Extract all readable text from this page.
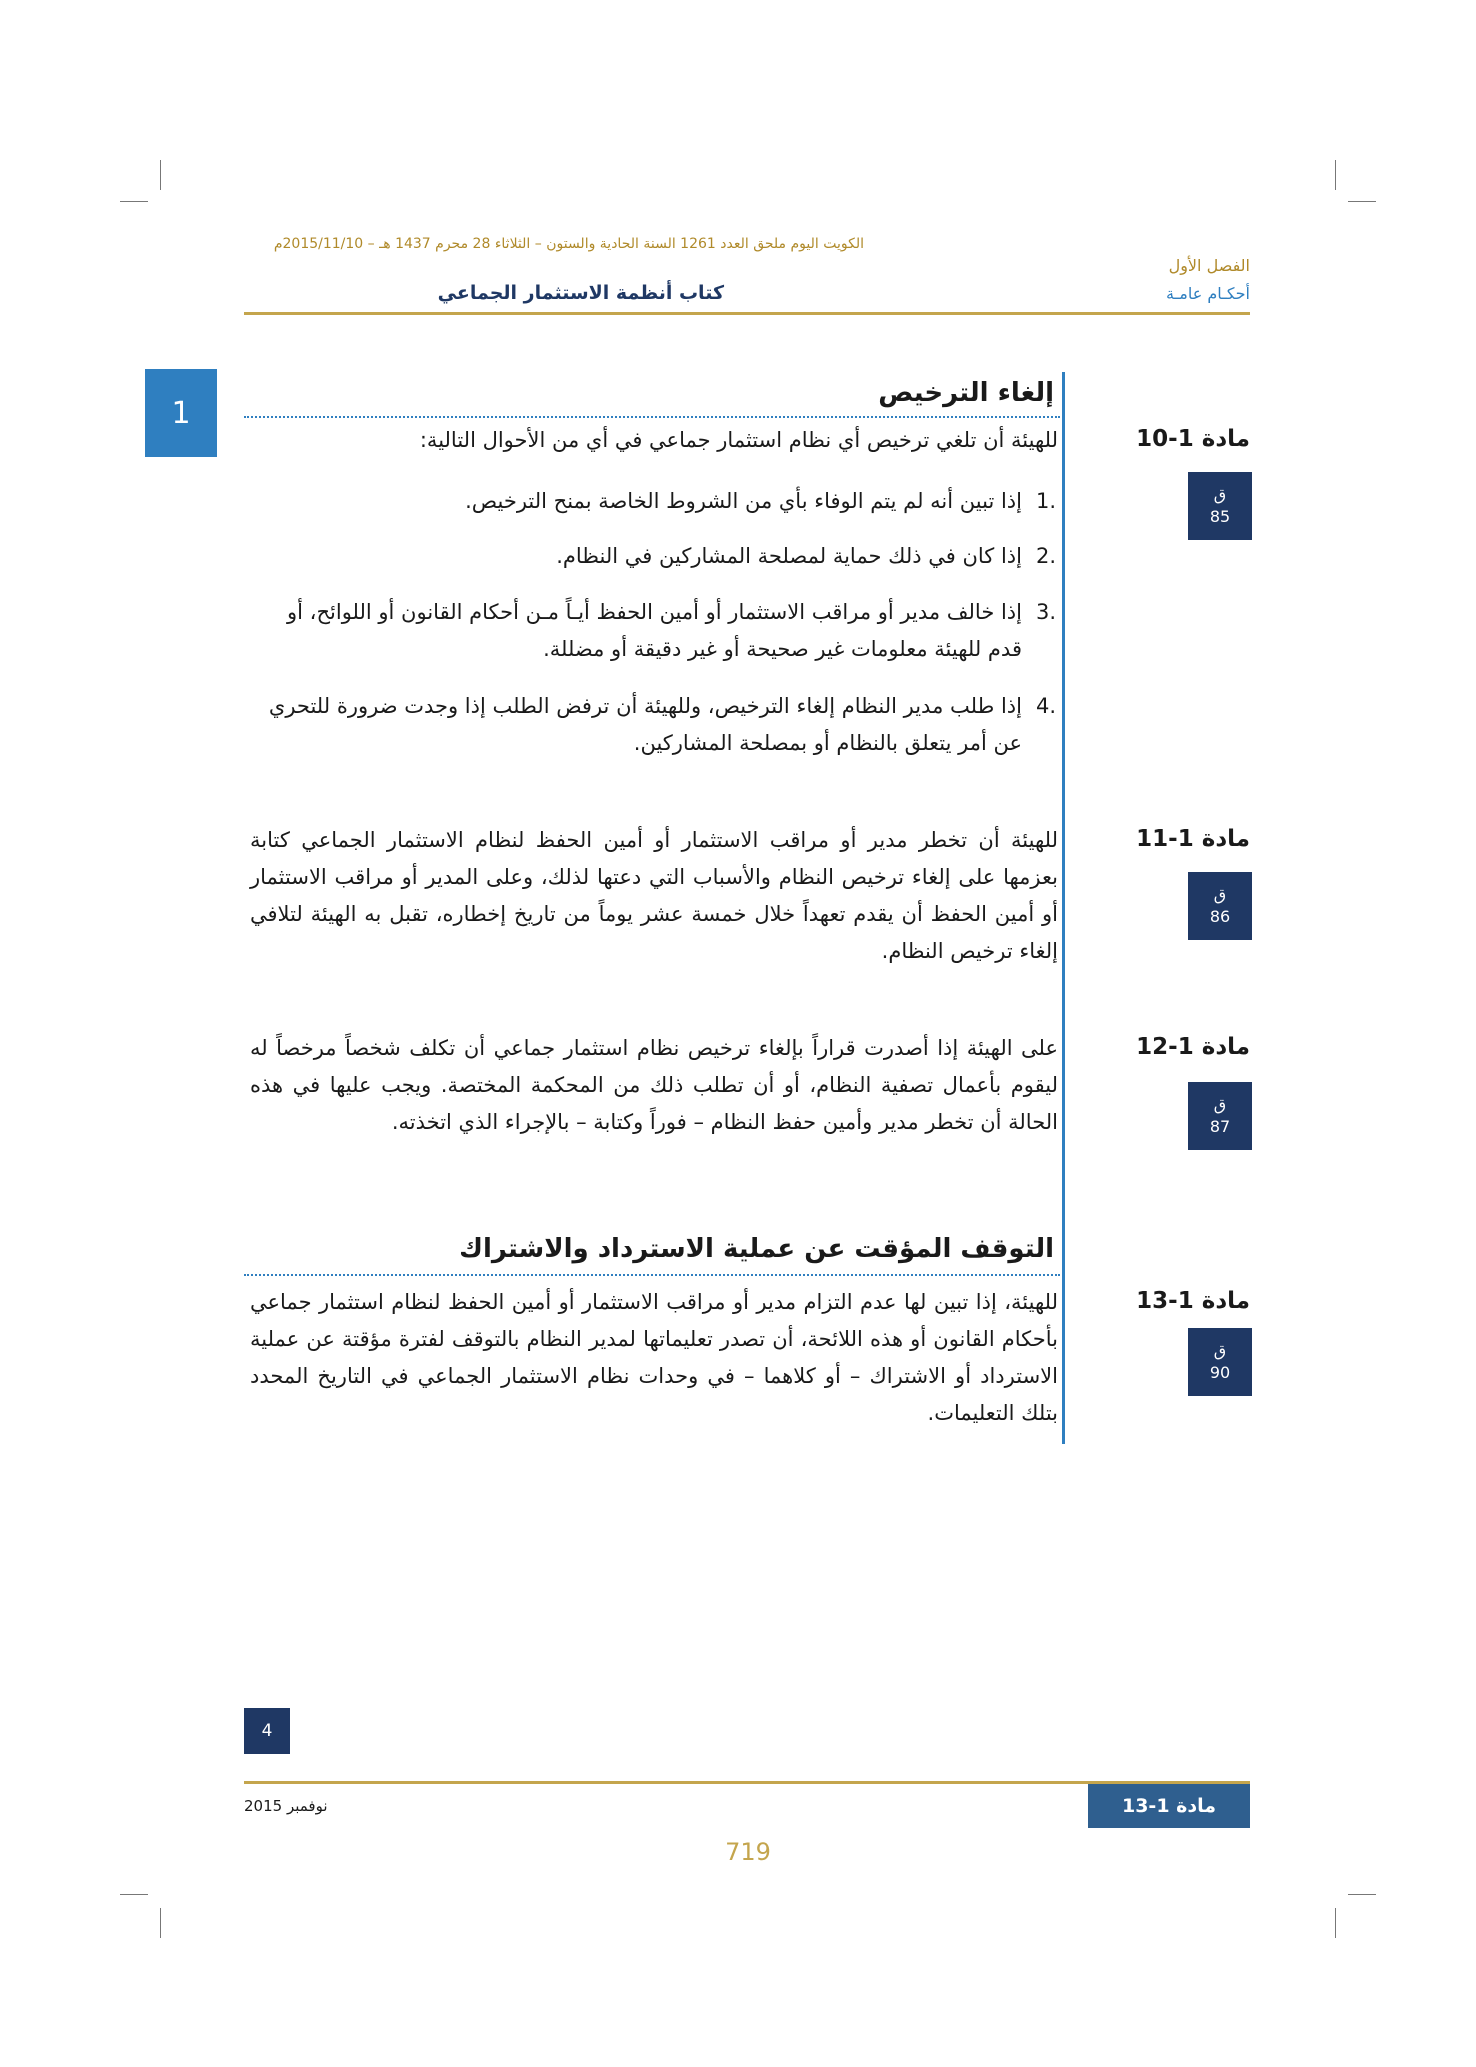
الكويت اليوم ملحق العدد 1261 السنة الحادية والستون – الثلاثاء 28 محرم 1437 هـ – 2015/11/10م
كتاب أنظمة الاستثمار الجماعي
الفصل الأول
أحكـام عامـة
1
إلغاء الترخيص
مادة 1-10
ق
85
للهيئة أن تلغي ترخيص أي نظام استثمار جماعي في أي من الأحوال التالية:
.1
إذا تبين أنه لم يتم الوفاء بأي من الشروط الخاصة بمنح الترخيص.
.2
إذا كان في ذلك حماية لمصلحة المشاركين في النظام.
.3
إذا خالف مدير أو مراقب الاستثمار أو أمين الحفظ أيـاً مـن أحكام القانون أو اللوائح، أو قدم للهيئة معلومات غير صحيحة أو غير دقيقة أو مضللة.
.4
إذا طلب مدير النظام إلغاء الترخيص، وللهيئة أن ترفض الطلب إذا وجدت ضرورة للتحري عن أمر يتعلق بالنظام أو بمصلحة المشاركين.
مادة 1-11
ق
86
للهيئة أن تخطر مدير أو مراقب الاستثمار أو أمين الحفظ لنظام الاستثمار الجماعي كتابة بعزمها على إلغاء ترخيص النظام والأسباب التي دعتها لذلك، وعلى المدير أو مراقب الاستثمار أو أمين الحفظ أن يقدم تعهداً خلال خمسة عشر يوماً من تاريخ إخطاره، تقبل به الهيئة لتلافي إلغاء ترخيص النظام.
مادة 1-12
ق
87
على الهيئة إذا أصدرت قراراً بإلغاء ترخيص نظام استثمار جماعي أن تكلف شخصاً مرخصاً له ليقوم بأعمال تصفية النظام، أو أن تطلب ذلك من المحكمة المختصة. ويجب عليها في هذه الحالة أن تخطر مدير وأمين حفظ النظام – فوراً وكتابة – بالإجراء الذي اتخذته.
التوقف المؤقت عن عملية الاسترداد والاشتراك
مادة 1-13
ق
90
للهيئة، إذا تبين لها عدم التزام مدير أو مراقب الاستثمار أو أمين الحفظ لنظام استثمار جماعي بأحكام القانون أو هذه اللائحة، أن تصدر تعليماتها لمدير النظام بالتوقف لفترة مؤقتة عن عملية الاسترداد أو الاشتراك – أو كلاهما – في وحدات نظام الاستثمار الجماعي في التاريخ المحدد بتلك التعليمات.
4
نوفمبر 2015	مادة 1-13
719
